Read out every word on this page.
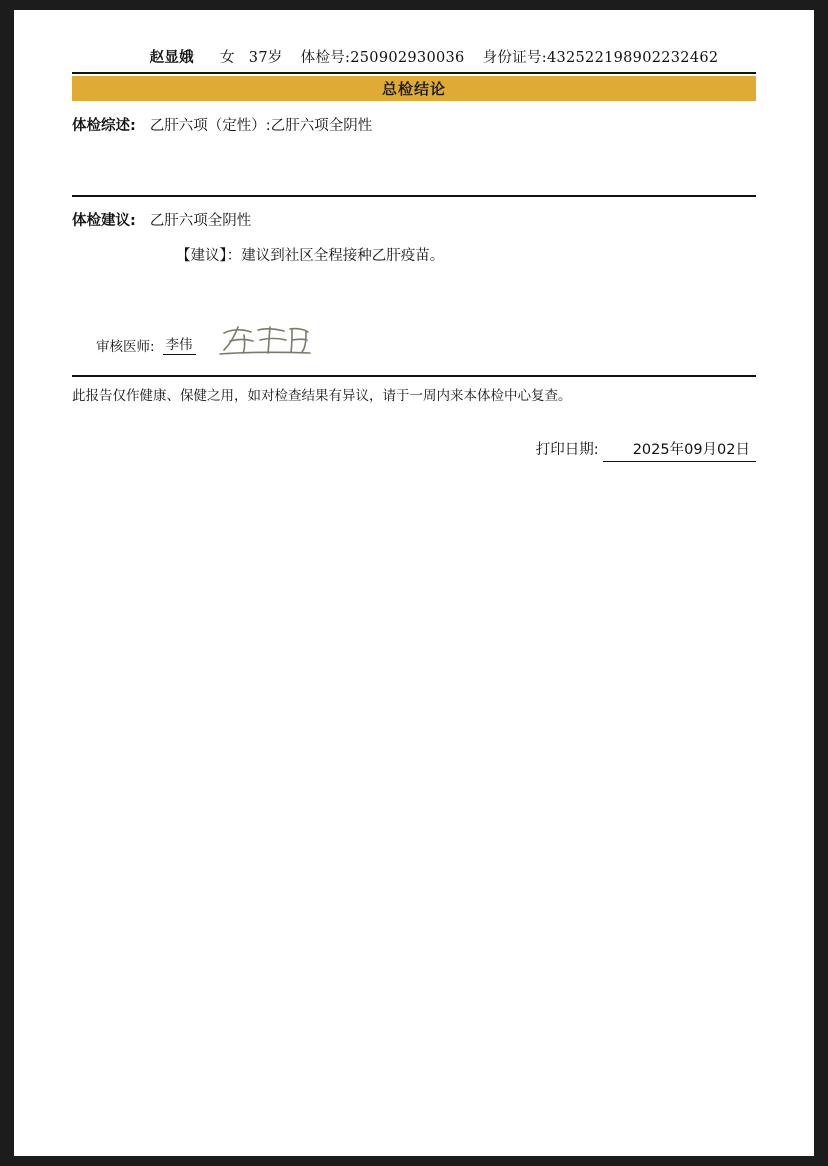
赵显娥 女 37岁 体检号: 250902930036 身份证号: 432522198902232462
总检结论
体检综述: 乙肝六项（定性）:乙肝六项全阴性
体检建议: 乙肝六项全阴性
【建议】：建议到社区全程接种乙肝疫苗。
审核医师: 李伟
此报告仅作健康、保健之用，如对检查结果有异议，请于一周内来本体检中心复查。
打印日期:	2025年09月02日
